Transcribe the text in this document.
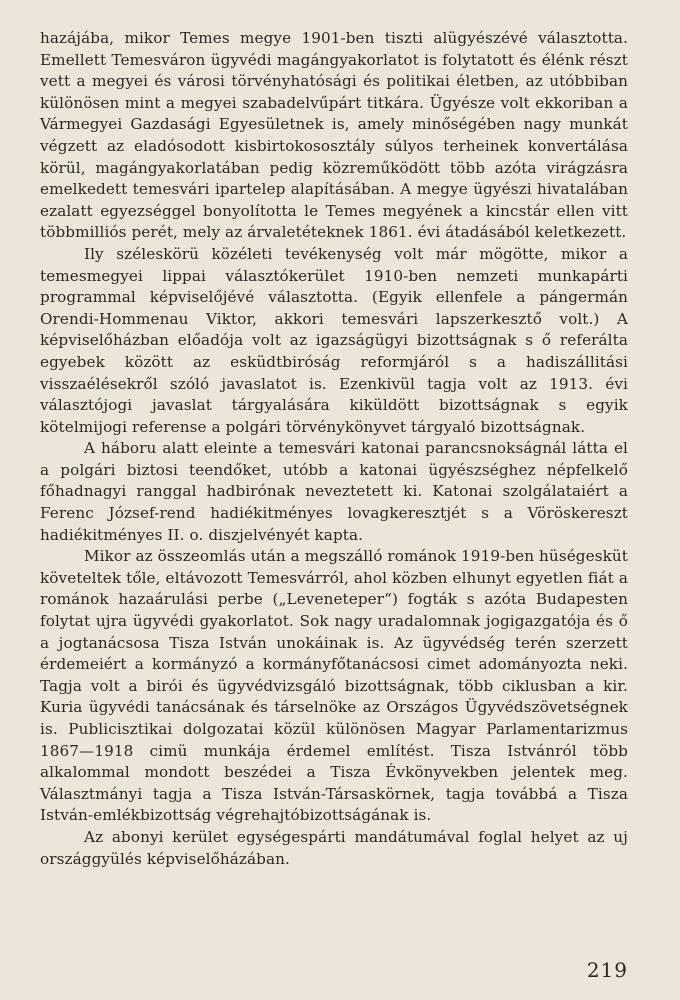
hazájába, mikor Temes megye 1901-ben tiszti alügyészévé választotta. Emellett Temesváron ügyvédi magángyakorlatot is folytatott és élénk részt vett a megyei és városi törvényhatósági és politikai életben, az utóbbiban különösen mint a megyei szabadelvűpárt titkára. Ügyésze volt ekkoriban a Vármegyei Gazdasági Egyesületnek is, amely minőségében nagy munkát végzett az eladósodott kisbirtokososztály súlyos terheinek konvertálása körül, magángyakorlatában pedig közreműködött több azóta virágzásra emelkedett temesvári ipartelep alapításában. A megye ügyészi hivatalában ezalatt egyezséggel bonyolította le Temes megyének a kincstár ellen vitt többmilliós perét, mely az árvaletéteknek 1861. évi átadásából keletkezett.

Ily széleskörü közéleti tevékenység volt már mögötte, mikor a temesmegyei lippai választókerület 1910-ben nemzeti munkapárti programmal képviselőjévé választotta. (Egyik ellenfele a pángermán Orendi-Hommenau Viktor, akkori temesvári lapszerkesztő volt.) A képviselőházban előadója volt az igazságügyi bizottságnak s ő referálta egyebek között az esküdtbiróság reformjáról s a hadiszállitási visszaélésekről szóló javaslatot is. Ezenkivül tagja volt az 1913. évi választójogi javaslat tárgyalására kiküldött bizottságnak s egyik kötelmijogi referense a polgári törvénykönyvet tárgyaló bizottságnak.

A háboru alatt eleinte a temesvári katonai parancsnokságnál látta el a polgári biztosi teendőket, utóbb a katonai ügyészséghez népfelkelő főhadnagyi ranggal hadbirónak neveztetett ki. Katonai szolgálataiért a Ferenc József-rend hadiékitményes lovagkeresztjét s a Vöröskereszt hadiékitményes II. o. diszjelvényét kapta.

Mikor az összeomlás után a megszálló románok 1919-ben hüségesküt követeltek tőle, eltávozott Temesvárról, ahol közben elhunyt egyetlen fiát a románok hazaárulási perbe („Leveneteper“) fogták s azóta Budapesten folytat ujra ügyvédi gyakorlatot. Sok nagy uradalomnak jogigazgatója és ő a jogtanácsosa Tisza István unokáinak is. Az ügyvédség terén szerzett érdemeiért a kormányzó a kormányfőtanácsosi cimet adományozta neki. Tagja volt a birói és ügyvédvizsgáló bizottságnak, több ciklusban a kir. Kuria ügyvédi tanácsának és társelnöke az Országos Ügyvédszövetségnek is. Publicisztikai dolgozatai közül különösen Magyar Parlamentarizmus 1867—1918 cimü munkája érdemel említést. Tisza Istvánról több alkalommal mondott beszédei a Tisza Évkönyvekben jelentek meg. Választmányi tagja a Tisza István-Társaskörnek, tagja továbbá a Tisza István-emlékbizottság végrehajtóbizottságának is.

Az abonyi kerület egységespárti mandátumával foglal helyet az uj országgyülés képviselőházában.

219
